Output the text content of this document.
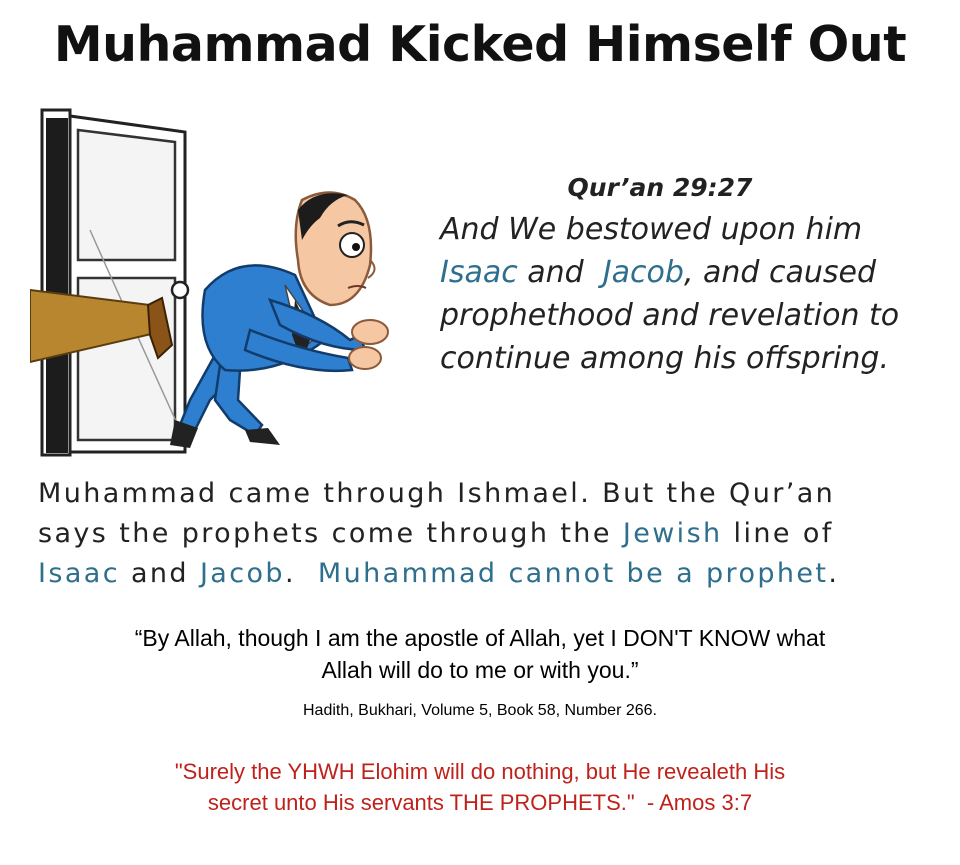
Muhammad Kicked Himself Out
Qur’an 29:27
And We bestowed upon him
Isaac and  Jacob, and caused
prophethood and revelation to
continue among his offspring.
Muhammad came through Ishmael. But the Qur’an
says the prophets come through the Jewish line of
Isaac and Jacob.  Muhammad cannot be a prophet.
“By Allah, though I am the apostle of Allah, yet I DON'T KNOW what
Allah will do to me or with you.”
Hadith, Bukhari, Volume 5, Book 58, Number 266.
"Surely the YHWH Elohim will do nothing, but He revealeth His
secret unto His servants THE PROPHETS."  - Amos 3:7
